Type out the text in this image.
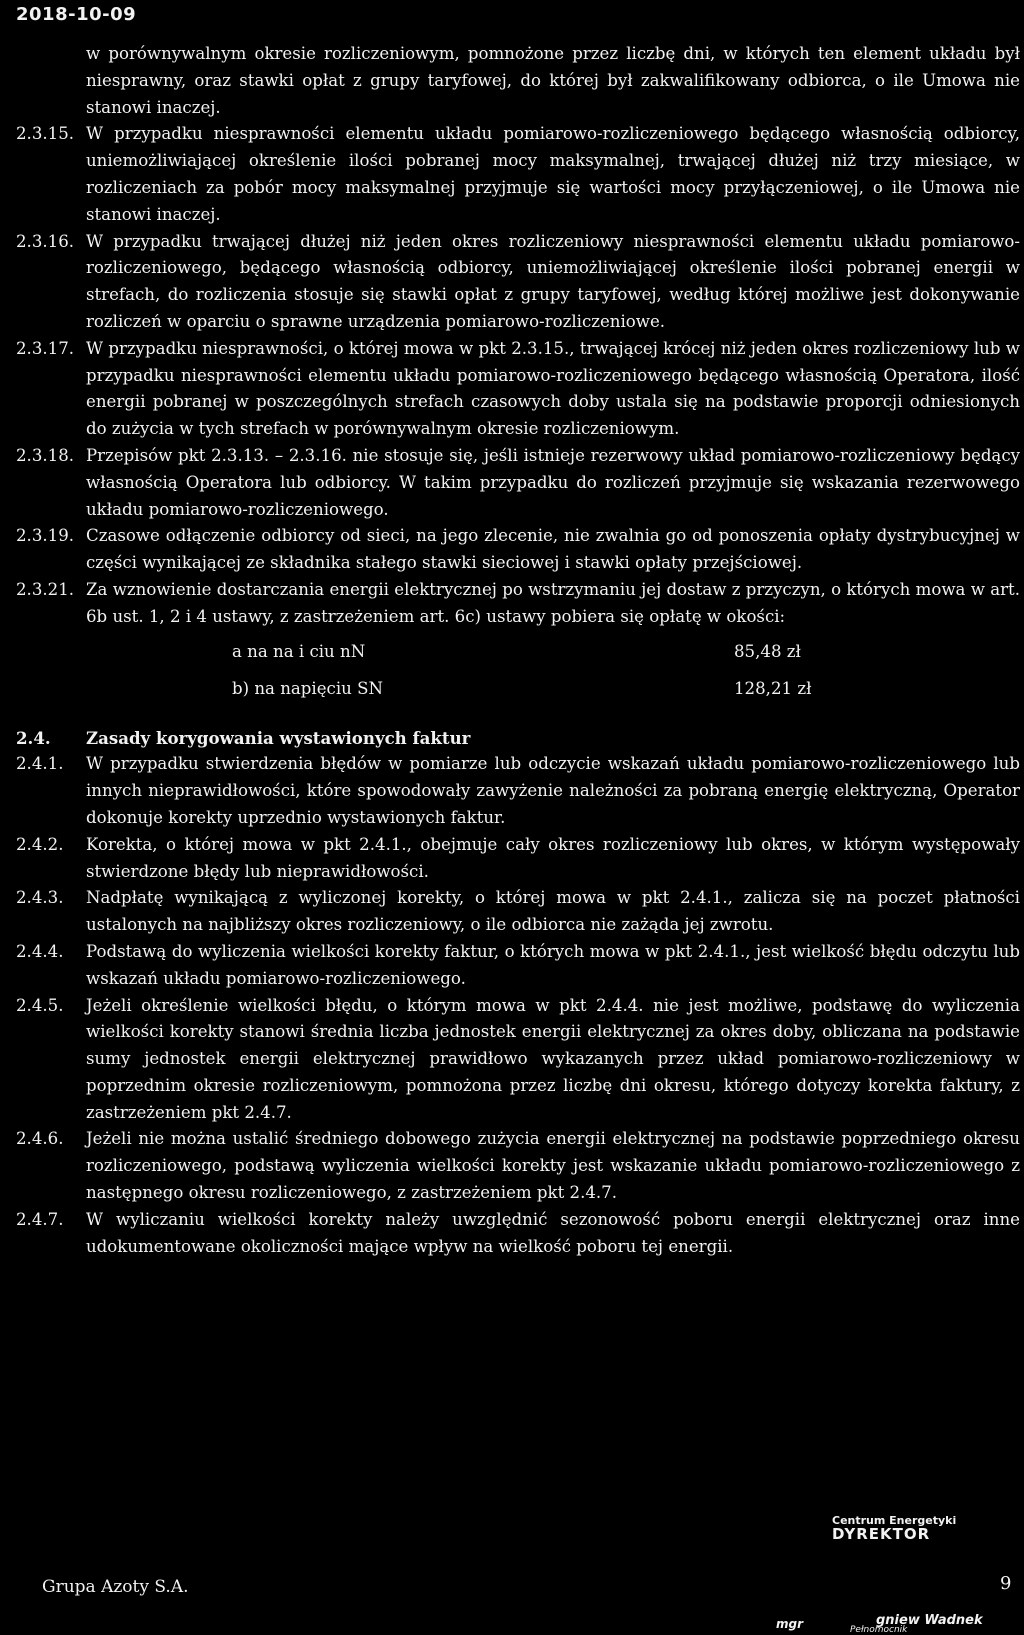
2018-10-09
w porównywalnym okresie rozliczeniowym, pomnożone przez liczbę dni, w których ten element układu był niesprawny, oraz stawki opłat z grupy taryfowej, do której był zakwalifikowany odbiorca, o ile Umowa nie stanowi inaczej.
2.3.15. W przypadku niesprawności elementu układu pomiarowo-rozliczeniowego będącego własnością odbiorcy, uniemożliwiającej określenie ilości pobranej mocy maksymalnej, trwającej dłużej niż trzy miesiące, w rozliczeniach za pobór mocy maksymalnej przyjmuje się wartości mocy przyłączeniowej, o ile Umowa nie stanowi inaczej.
2.3.16. W przypadku trwającej dłużej niż jeden okres rozliczeniowy niesprawności elementu układu pomiarowo-rozliczeniowego, będącego własnością odbiorcy, uniemożliwiającej określenie ilości pobranej energii w strefach, do rozliczenia stosuje się stawki opłat z grupy taryfowej, według której możliwe jest dokonywanie rozliczeń w oparciu o sprawne urządzenia pomiarowo-rozliczeniowe.
2.3.17. W przypadku niesprawności, o której mowa w pkt 2.3.15., trwającej krócej niż jeden okres rozliczeniowy lub w przypadku niesprawności elementu układu pomiarowo-rozliczeniowego będącego własnością Operatora, ilość energii pobranej w poszczególnych strefach czasowych doby ustala się na podstawie proporcji odniesionych do zużycia w tych strefach w porównywalnym okresie rozliczeniowym.
2.3.18. Przepisów pkt 2.3.13. – 2.3.16. nie stosuje się, jeśli istnieje rezerwowy układ pomiarowo-rozliczeniowy będący własnością Operatora lub odbiorcy. W takim przypadku do rozliczeń przyjmuje się wskazania rezerwowego układu pomiarowo-rozliczeniowego.
2.3.19. Czasowe odłączenie odbiorcy od sieci, na jego zlecenie, nie zwalnia go od ponoszenia opłaty dystrybucyjnej w części wynikającej ze składnika stałego stawki sieciowej i stawki opłaty przejściowej.
2.3.21. Za wznowienie dostarczania energii elektrycznej po wstrzymaniu jej dostaw z przyczyn, o których mowa w art. 6b ust. 1, 2 i 4 ustawy, z zastrzeżeniem art. 6c) ustawy pobiera się opłatę w okości:
a na na i ciu nN	85,48 zł
b) na napięciu SN	128,21 zł
2.4.	Zasady korygowania wystawionych faktur
2.4.1.	W przypadku stwierdzenia błędów w pomiarze lub odczycie wskazań układu pomiarowo-rozliczeniowego lub innych nieprawidłowości, które spowodowały zawyżenie należności za pobraną energię elektryczną, Operator dokonuje korekty uprzednio wystawionych faktur.
2.4.2.	Korekta, o której mowa w pkt 2.4.1., obejmuje cały okres rozliczeniowy lub okres, w którym występowały stwierdzone błędy lub nieprawidłowości.
2.4.3.	Nadpłatę wynikającą z wyliczonej korekty, o której mowa w pkt 2.4.1., zalicza się na poczet płatności ustalonych na najbliższy okres rozliczeniowy, o ile odbiorca nie zażąda jej zwrotu.
2.4.4.	Podstawą do wyliczenia wielkości korekty faktur, o których mowa w pkt 2.4.1., jest wielkość błędu odczytu lub wskazań układu pomiarowo-rozliczeniowego.
2.4.5.	Jeżeli określenie wielkości błędu, o którym mowa w pkt 2.4.4. nie jest możliwe, podstawę do wyliczenia wielkości korekty stanowi średnia liczba jednostek energii elektrycznej za okres doby, obliczana na podstawie sumy jednostek energii elektrycznej prawidłowo wykazanych przez układ pomiarowo-rozliczeniowy w poprzednim okresie rozliczeniowym, pomnożona przez liczbę dni okresu, którego dotyczy korekta faktury, z zastrzeżeniem pkt 2.4.7.
2.4.6.	Jeżeli nie można ustalić średniego dobowego zużycia energii elektrycznej na podstawie poprzedniego okresu rozliczeniowego, podstawą wyliczenia wielkości korekty jest wskazanie układu pomiarowo-rozliczeniowego z następnego okresu rozliczeniowego, z zastrzeżeniem pkt 2.4.7.
2.4.7.	W wyliczaniu wielkości korekty należy uwzględnić sezonowość poboru energii elektrycznej oraz inne udokumentowane okoliczności mające wpływ na wielkość poboru tej energii.
Centrum Energetyki
DYREKTOR
Grupa Azoty S.A.	9
mgr	gniew Wadnek
Pełnomocnik
